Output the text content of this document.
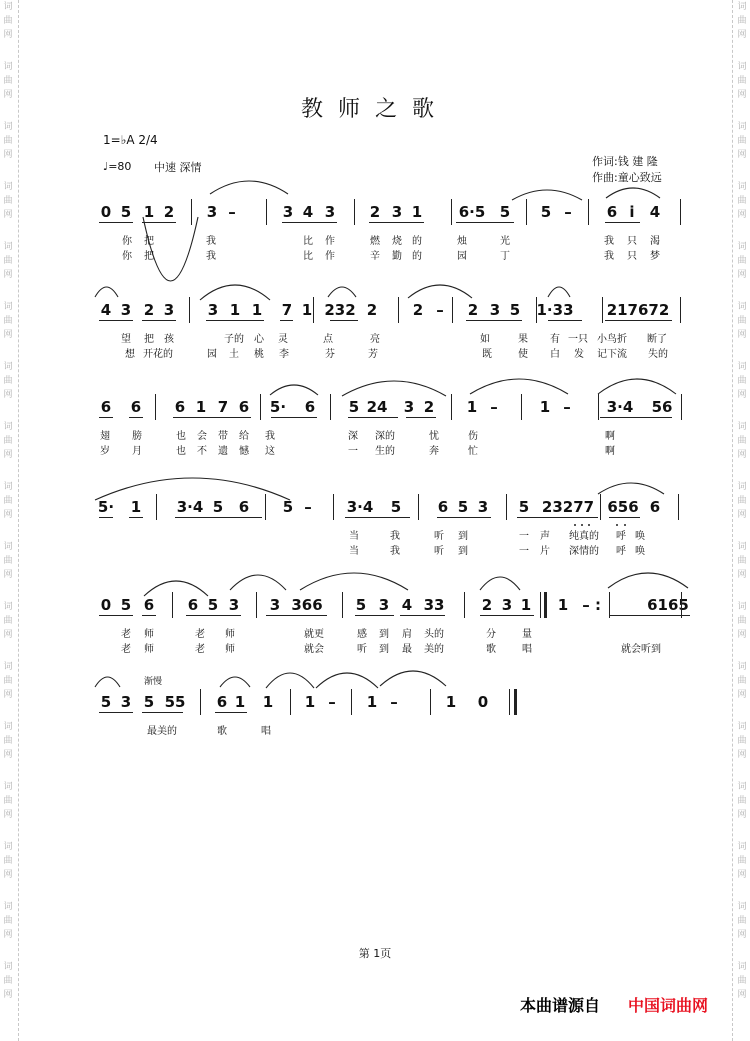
词
曲
网
词
曲
网
词
曲
网
词
曲
网
词
曲
网
词
曲
网
词
曲
网
词
曲
网
词
曲
网
词
曲
网
词
曲
网
词
曲
网
词
曲
网
词
曲
网
词
曲
网
词
曲
网
词
曲
网
词
曲
网
词
曲
网
词
曲
网
词
曲
网
词
曲
网
词
曲
网
词
曲
网
词
曲
网
词
曲
网
词
曲
网
词
曲
网
词
曲
网
词
曲
网
词
曲
网
词
曲
网
词
曲
网
词
曲
网
教师之歌
1=♭A 2/4
♩=80 中速 深情	作词:钱 建 隆
作曲:童心致远
0 5 1 2 3 –	3 4 3 2 3 1 6·5 5 5 – 6 i 4
你 把	我	比 作	燃 烧 的	烛	光	我 只 渴
你 把	我	比 作	辛 勤 的	园	丁	我 只 梦
4 3 2 3 3 1 1 7 1 232 2 2 – 2 3 5 1·33 217672
望 把 孩	子的 心 灵	点	亮	如	果 有 一只 小鸟折 断了
想 开花的	园 土 桃 李	芬	芳	既	使 白 发 记下流 失的
6 6 6 1 7 6 5· 6 5 24 3 2 1 –	1 – 3·4 56
翅 膀	也 会 带 给 我	深 深的	忧	伤	啊
岁 月	也 不 遗 憾 这	一 生的	奔	忙	啊
5· 1 3·4 5 6 5 – 3·4 5 6 5 3 5 23277 656 6
当	我	听 到	一 声 纯真的 呼 唤
当	我	听 到	一 片 深情的 呼 唤
0 5 6 6 5 3 3 366 5 3 4 33 2 3 1 1 – :	6165
老 师	老 师	就更	感 到 肩 头的	分	量
老 师	老 师	就会	听 到 最 美的	歌	唱	就会听到
5 3 5 55 6 1 1 1 – 1 –	1 0
最美的	歌	唱
渐慢
第 1页
本曲谱源自 中国词曲网
